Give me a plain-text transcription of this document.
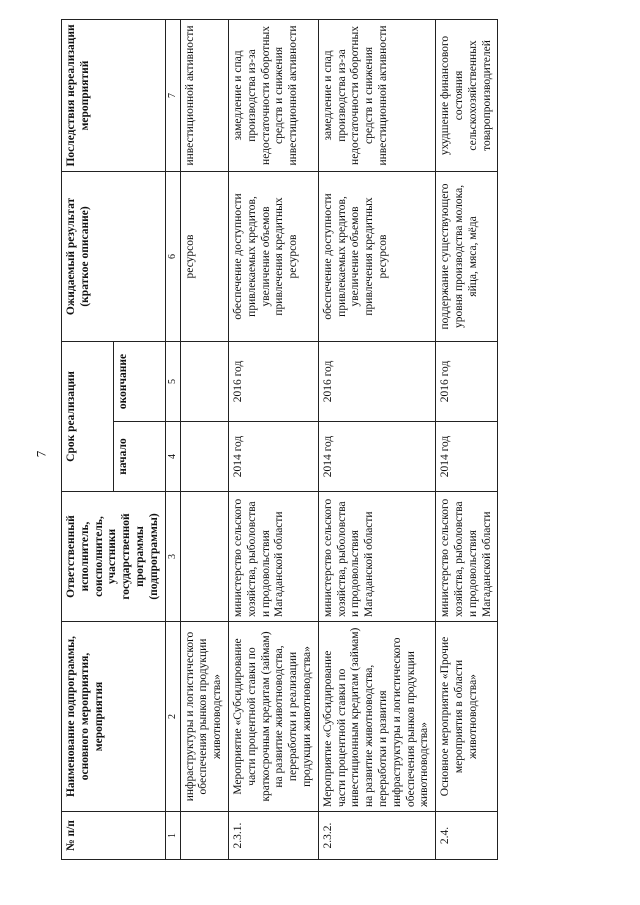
7
№ п/п	Наименование подпрограммы, основного мероприятия, мероприятия	Ответственный исполнитель, соисполнитель, участники государственной программы (подпрограммы)	Срок реализации		Ожидаемый результат (краткое описание)	Последствия нереализации мероприятий
			начало	окончание		
1	2	3	4	5	6	7
	инфраструктуры и логистического обеспечения рынков продукции животноводства»				ресурсов	инвестиционной активности
2.3.1.	Мероприятие «Субсидирование части процентной ставки по краткосрочным кредитам (займам) на развитие животноводства, переработки и реализации продукции животноводства»	министерство сельского хозяйства, рыболовства и продовольствия Магаданской области	2014 год	2016 год	обеспечение доступности привлекаемых кредитов, увеличение объемов привлечения кредитных ресурсов	замедление и спад производства из-за недостаточности оборотных средств и снижения инвестиционной активности
2.3.2.	Мероприятие «Субсидирование части процентной ставки по инвестиционным кредитам (займам) на развитие животноводства, переработки и развития инфраструктуры и логистического обеспечения рынков продукции животноводства»	министерство сельского хозяйства, рыболовства и продовольствия Магаданской области	2014 год	2016 год	обеспечение доступности привлекаемых кредитов, увеличение объемов привлечения кредитных ресурсов	замедление и спад производства из-за недостаточности оборотных средств и снижения инвестиционной активности
2.4.	Основное мероприятие «Прочие мероприятия в области животноводства»	министерство сельского хозяйства, рыболовства и продовольствия Магаданской области	2014 год	2016 год	поддержание существующего уровня производства молока, яйца, мяса, мёда	ухудшение финансового состояния сельскохозяйственных товаропроизводителей
